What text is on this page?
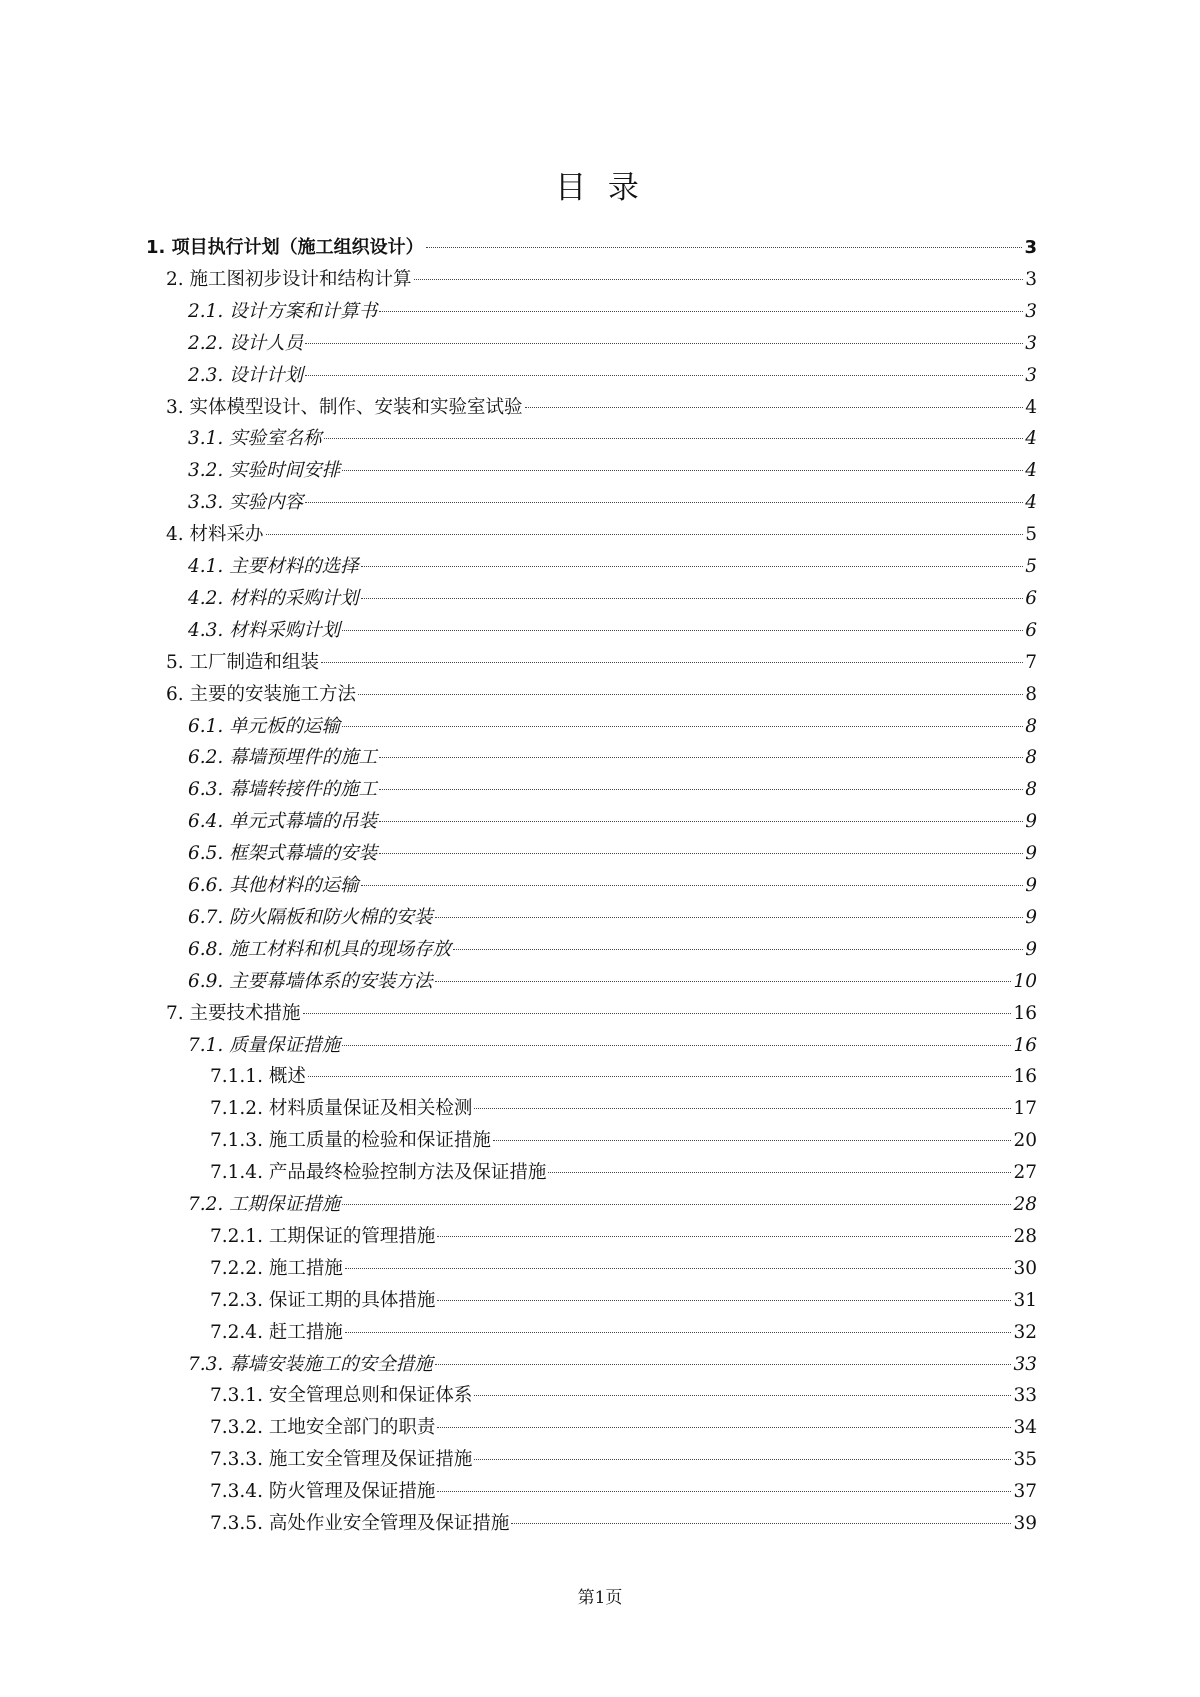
目 录
1. 项目执行计划（施工组织设计）	3
2. 施工图初步设计和结构计算	3
2.1. 设计方案和计算书	3
2.2. 设计人员	3
2.3. 设计计划	3
3. 实体模型设计、制作、安装和实验室试验	4
3.1. 实验室名称	4
3.2. 实验时间安排	4
3.3. 实验内容	4
4. 材料采办	5
4.1. 主要材料的选择	5
4.2. 材料的采购计划	6
4.3. 材料采购计划	6
5. 工厂制造和组装	7
6. 主要的安装施工方法	8
6.1. 单元板的运输	8
6.2. 幕墙预埋件的施工	8
6.3. 幕墙转接件的施工	8
6.4. 单元式幕墙的吊装	9
6.5. 框架式幕墙的安装	9
6.6. 其他材料的运输	9
6.7. 防火隔板和防火棉的安装	9
6.8. 施工材料和机具的现场存放	9
6.9. 主要幕墙体系的安装方法	10
7. 主要技术措施	16
7.1. 质量保证措施	16
7.1.1. 概述	16
7.1.2. 材料质量保证及相关检测	17
7.1.3. 施工质量的检验和保证措施	20
7.1.4. 产品最终检验控制方法及保证措施	27
7.2. 工期保证措施	28
7.2.1. 工期保证的管理措施	28
7.2.2. 施工措施	30
7.2.3. 保证工期的具体措施	31
7.2.4. 赶工措施	32
7.3. 幕墙安装施工的安全措施	33
7.3.1. 安全管理总则和保证体系	33
7.3.2. 工地安全部门的职责	34
7.3.3. 施工安全管理及保证措施	35
7.3.4. 防火管理及保证措施	37
7.3.5. 高处作业安全管理及保证措施	39
第1页
